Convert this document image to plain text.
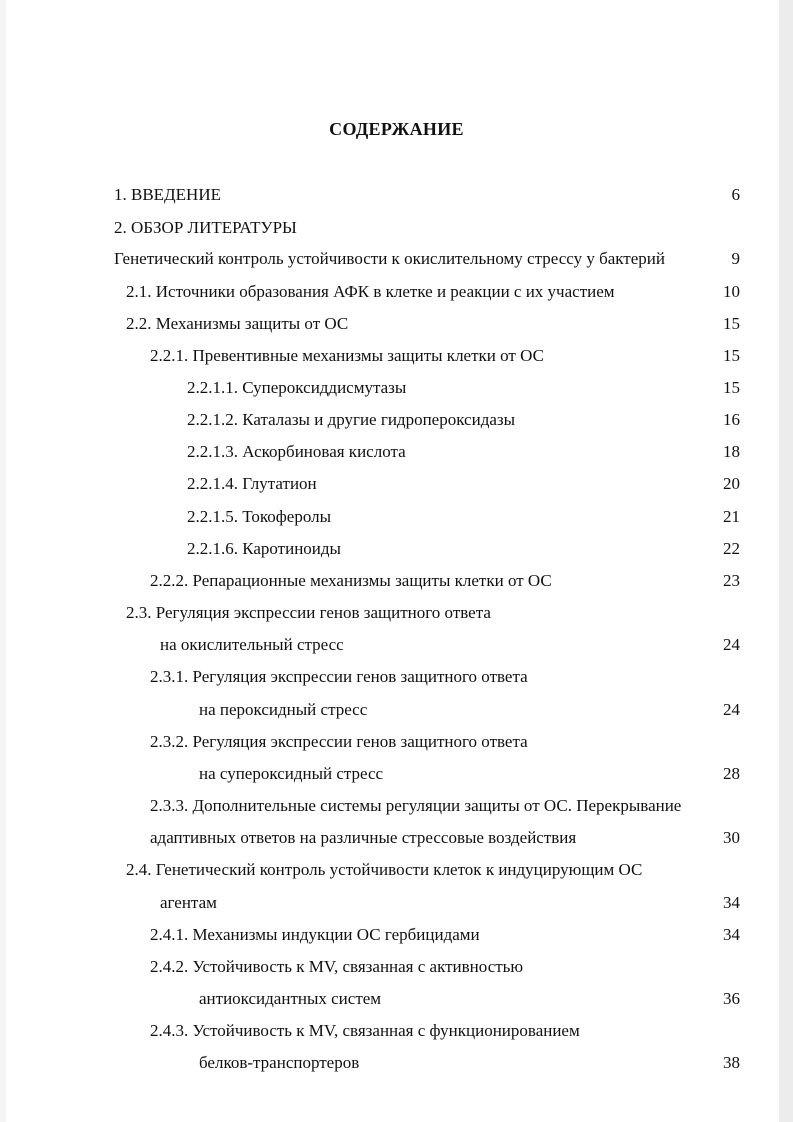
СОДЕРЖАНИЕ
1. ВВЕДЕНИЕ	6
2. ОБЗОР ЛИТЕРАТУРЫ
Генетический контроль устойчивости к окислительному стрессу у бактерий	9
2.1. Источники образования АФК в клетке и реакции с их участием	10
2.2. Механизмы защиты от ОС	15
2.2.1. Превентивные механизмы защиты клетки от ОС	15
2.2.1.1. Супероксиддисмутазы	15
2.2.1.2. Каталазы и другие гидропероксидазы	16
2.2.1.3. Аскорбиновая кислота	18
2.2.1.4. Глутатион	20
2.2.1.5. Токоферолы	21
2.2.1.6. Каротиноиды	22
2.2.2. Репарационные механизмы защиты клетки от ОС	23
2.3. Регуляция экспрессии генов защитного ответа
на окислительный стресс	24
2.3.1. Регуляция экспрессии генов защитного ответа
на пероксидный стресс	24
2.3.2. Регуляция экспрессии генов защитного ответа
на супероксидный стресс	28
2.3.3. Дополнительные системы регуляции защиты от ОС. Перекрывание
адаптивных ответов на различные стрессовые воздействия	30
2.4. Генетический контроль устойчивости клеток к индуцирующим ОС
агентам	34
2.4.1. Механизмы индукции ОС гербицидами	34
2.4.2. Устойчивость к MV, связанная с активностью
антиоксидантных систем	36
2.4.3. Устойчивость к MV, связанная с функционированием
белков-транспортеров	38
